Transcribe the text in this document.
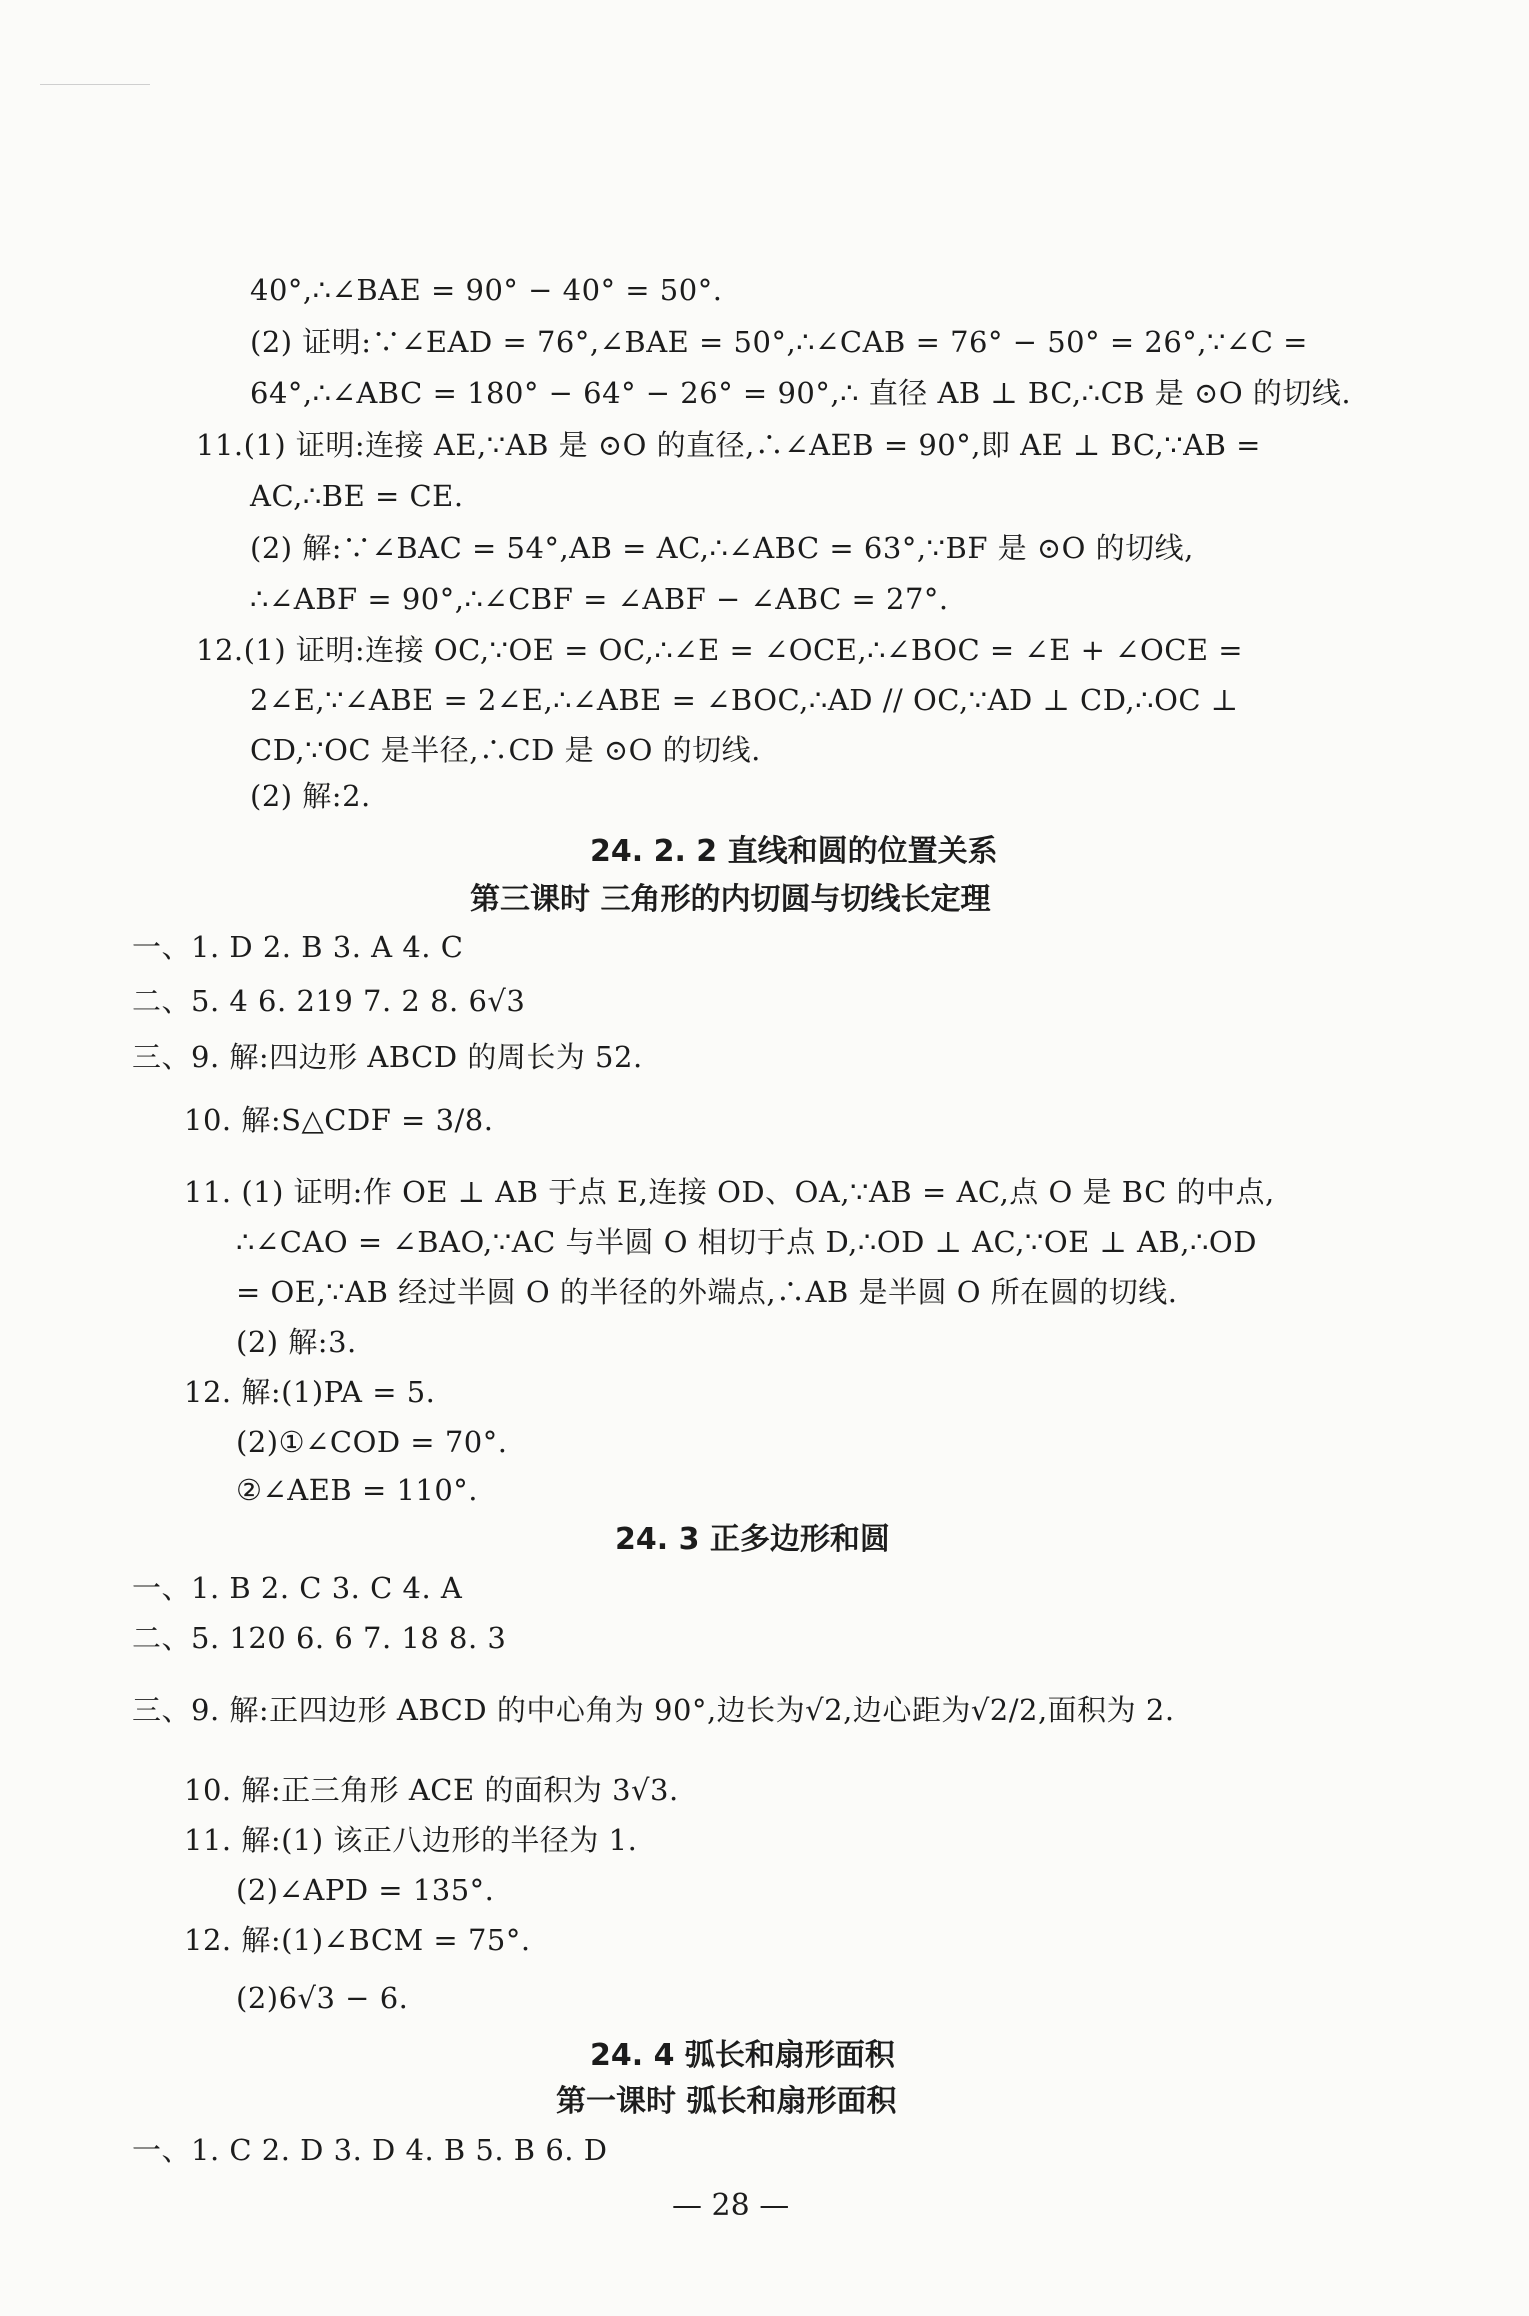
40°,∴∠BAE = 90° − 40° = 50°.
(2) 证明:∵∠EAD = 76°,∠BAE = 50°,∴∠CAB = 76° − 50° = 26°,∵∠C =
64°,∴∠ABC = 180° − 64° − 26° = 90°,∴ 直径 AB ⊥ BC,∴CB 是 ⊙O 的切线.
11.(1) 证明:连接 AE,∵AB 是 ⊙O 的直径,∴∠AEB = 90°,即 AE ⊥ BC,∵AB =
AC,∴BE = CE.
(2) 解:∵∠BAC = 54°,AB = AC,∴∠ABC = 63°,∵BF 是 ⊙O 的切线,
∴∠ABF = 90°,∴∠CBF = ∠ABF − ∠ABC = 27°.
12.(1) 证明:连接 OC,∵OE = OC,∴∠E = ∠OCE,∴∠BOC = ∠E + ∠OCE =
2∠E,∵∠ABE = 2∠E,∴∠ABE = ∠BOC,∴AD // OC,∵AD ⊥ CD,∴OC ⊥
CD,∵OC 是半径,∴CD 是 ⊙O 的切线.
(2) 解:2.
24. 2. 2 直线和圆的位置关系
第三课时 三角形的内切圆与切线长定理
一、1. D 2. B 3. A 4. C
二、5. 4 6. 219 7. 2 8. 6√3
三、9. 解:四边形 ABCD 的周长为 52.
10. 解:S△CDF = 3/8.
11. (1) 证明:作 OE ⊥ AB 于点 E,连接 OD、OA,∵AB = AC,点 O 是 BC 的中点,
∴∠CAO = ∠BAO,∵AC 与半圆 O 相切于点 D,∴OD ⊥ AC,∵OE ⊥ AB,∴OD
= OE,∵AB 经过半圆 O 的半径的外端点,∴AB 是半圆 O 所在圆的切线.
(2) 解:3.
12. 解:(1)PA = 5.
(2)①∠COD = 70°.
②∠AEB = 110°.
24. 3 正多边形和圆
一、1. B 2. C 3. C 4. A
二、5. 120 6. 6 7. 18 8. 3
三、9. 解:正四边形 ABCD 的中心角为 90°,边长为√2,边心距为√2/2,面积为 2.
10. 解:正三角形 ACE 的面积为 3√3.
11. 解:(1) 该正八边形的半径为 1.
(2)∠APD = 135°.
12. 解:(1)∠BCM = 75°.
(2)6√3 − 6.
24. 4 弧长和扇形面积
第一课时 弧长和扇形面积
一、1. C 2. D 3. D 4. B 5. B 6. D
— 28 —
